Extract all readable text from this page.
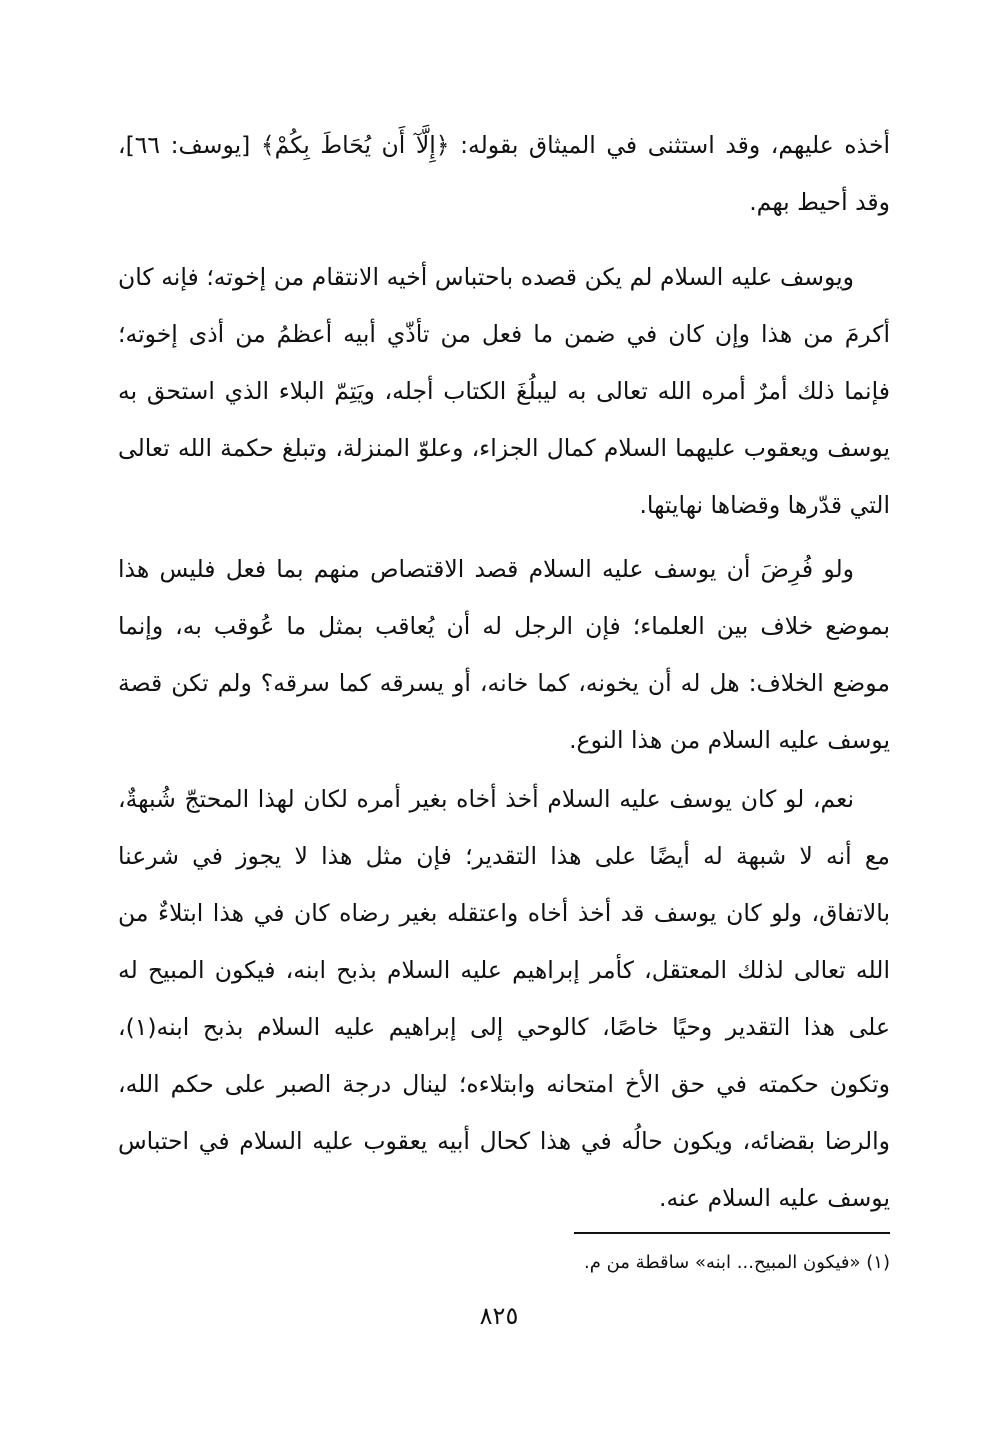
أخذه عليهم، وقد استثنى في الميثاق بقوله: ﴿إِلَّآ أَن يُحَاطَ بِكُمْ﴾ [يوسف: ٦٦]، وقد أحيط بهم.

ويوسف عليه السلام لم يكن قصده باحتباس أخيه الانتقام من إخوته؛ فإنه كان أكرمَ من هذا وإن كان في ضمن ما فعل من تأذّي أبيه أعظمُ من أذى إخوته؛ فإنما ذلك أمرٌ أمره الله تعالى به ليبلُغَ الكتاب أجله، ويَتِمّ البلاء الذي استحق به يوسف ويعقوب عليهما السلام كمال الجزاء، وعلوّ المنزلة، وتبلغ حكمة الله تعالى التي قدّرها وقضاها نهايتها.

ولو فُرِضَ أن يوسف عليه السلام قصد الاقتصاص منهم بما فعل فليس هذا بموضع خلاف بين العلماء؛ فإن الرجل له أن يُعاقب بمثل ما عُوقب به، وإنما موضع الخلاف: هل له أن يخونه، كما خانه، أو يسرقه كما سرقه؟ ولم تكن قصة يوسف عليه السلام من هذا النوع.

نعم، لو كان يوسف عليه السلام أخذ أخاه بغير أمره لكان لهذا المحتجّ شُبهةٌ، مع أنه لا شبهة له أيضًا على هذا التقدير؛ فإن مثل هذا لا يجوز في شرعنا بالاتفاق، ولو كان يوسف قد أخذ أخاه واعتقله بغير رضاه كان في هذا ابتلاءٌ من الله تعالى لذلك المعتقل، كأمر إبراهيم عليه السلام بذبح ابنه، فيكون المبيح له على هذا التقدير وحيًا خاصًا، كالوحي إلى إبراهيم عليه السلام بذبح ابنه(١)، وتكون حكمته في حق الأخ امتحانه وابتلاءه؛ لينال درجة الصبر على حكم الله، والرضا بقضائه، ويكون حالُه في هذا كحال أبيه يعقوب عليه السلام في احتباس يوسف عليه السلام عنه.

(١) «فيكون المبيح... ابنه» ساقطة من م.
٨٢٥
